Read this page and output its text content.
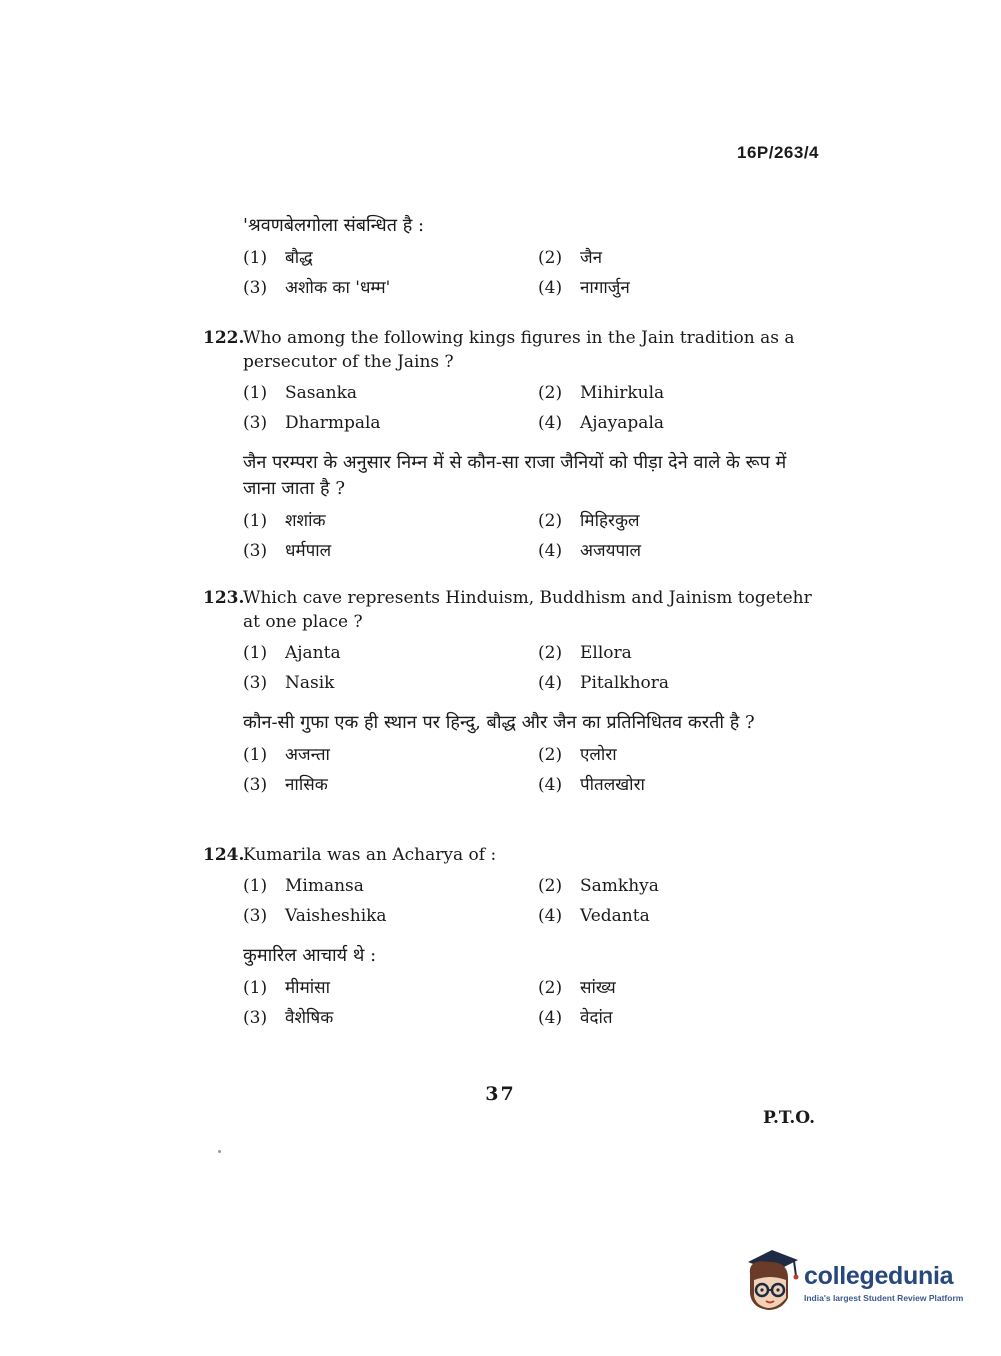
16P/263/4
'श्रवणबेलगोला संबन्धित है :
(1)	बौद्ध	(2)	जैन
(3)	अशोक का 'धम्म'	(4)	नागार्जुन
122.
Who among the following kings figures in the Jain tradition as a persecutor of the Jains ?
(1)	Sasanka	(2)	Mihirkula
(3)	Dharmpala	(4)	Ajayapala
जैन परम्परा के अनुसार निम्न में से कौन-सा राजा जैनियों को पीड़ा देने वाले के रूप में जाना जाता है ?
(1)	शशांक	(2)	मिहिरकुल
(3)	धर्मपाल	(4)	अजयपाल
123.
Which cave represents Hinduism, Buddhism and Jainism togetehr at one place ?
(1)	Ajanta	(2)	Ellora
(3)	Nasik	(4)	Pitalkhora
कौन-सी गुफा एक ही स्थान पर हिन्दु, बौद्ध और जैन का प्रतिनिधितव करती है ?
(1)	अजन्ता	(2)	एलोरा
(3)	नासिक	(4)	पीतलखोरा
124.
Kumarila was an Acharya of :
(1)	Mimansa	(2)	Samkhya
(3)	Vaisheshika	(4)	Vedanta
कुमारिल आचार्य थे :
(1)	मीमांसा	(2)	सांख्य
(3)	वैशेषिक	(4)	वेदांत
37
P.T.O.
collegedunia
India's largest Student Review Platform
